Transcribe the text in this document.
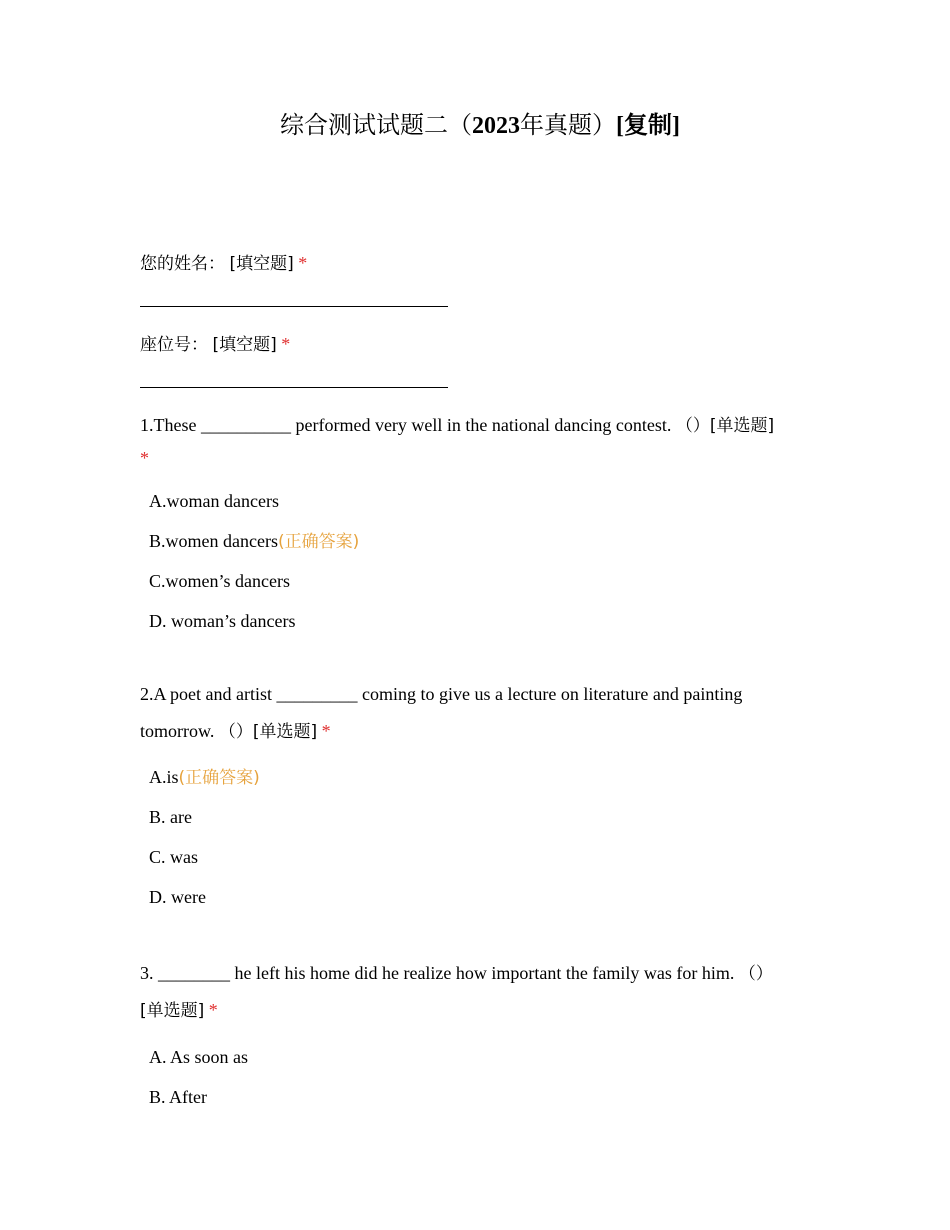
综合测试试题二（2023年真题）[复制]
您的姓名： [填空题] *
座位号： [填空题] *
1.These __________ performed very well in the national dancing contest. （）[单选题]
*
A.woman dancers
B.women dancers(正确答案)
C.women’s dancers
D. woman’s dancers
2.A poet and artist _________ coming to give us a lecture on literature and painting
tomorrow. （）[单选题] *
A.is(正确答案)
B. are
C. was
D. were
3. ________ he left his home did he realize how important the family was for him. （）
[单选题] *
A. As soon as
B. After
